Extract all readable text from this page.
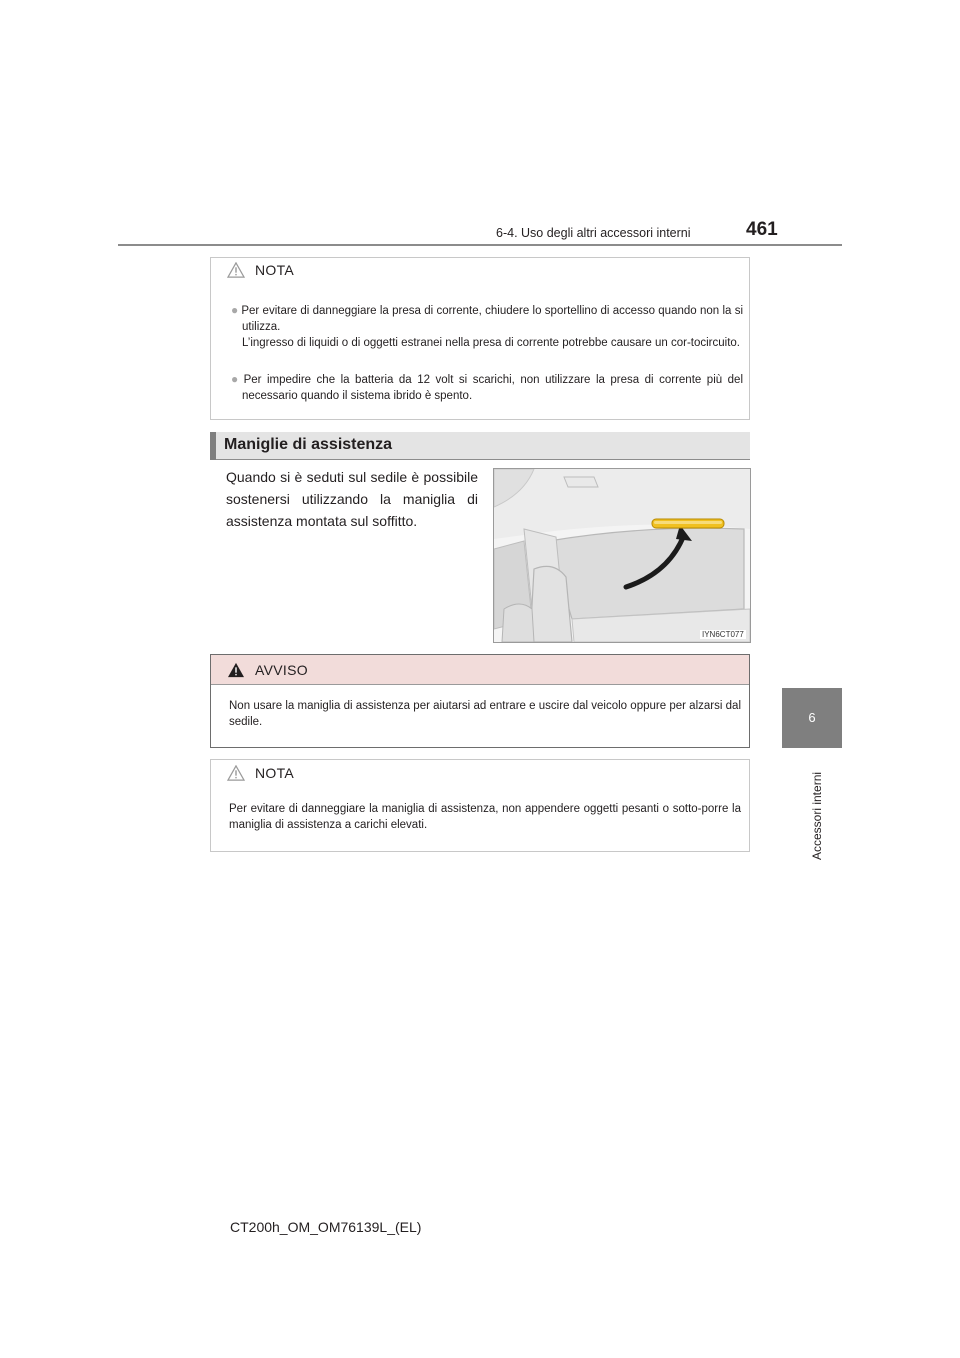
6-4. Uso degli altri accessori interni	461
6
Accessori interni
NOTA
● Per evitare di danneggiare la presa di corrente, chiudere lo sportellino di accesso quando non la si utilizza.
L’ingresso di liquidi o di oggetti estranei nella presa di corrente potrebbe causare un cor-tocircuito.
● Per impedire che la batteria da 12 volt si scarichi, non utilizzare la presa di corrente più del necessario quando il sistema ibrido è spento.
Maniglie di assistenza
Quando si è seduti sul sedile è possibile sostenersi utilizzando la maniglia di assistenza montata sul soffitto.
IYN6CT077
AVVISO
Non usare la maniglia di assistenza per aiutarsi ad entrare e uscire dal veicolo oppure per alzarsi dal sedile.
NOTA
Per evitare di danneggiare la maniglia di assistenza, non appendere oggetti pesanti o sotto-porre la maniglia di assistenza a carichi elevati.
CT200h_OM_OM76139L_(EL)
